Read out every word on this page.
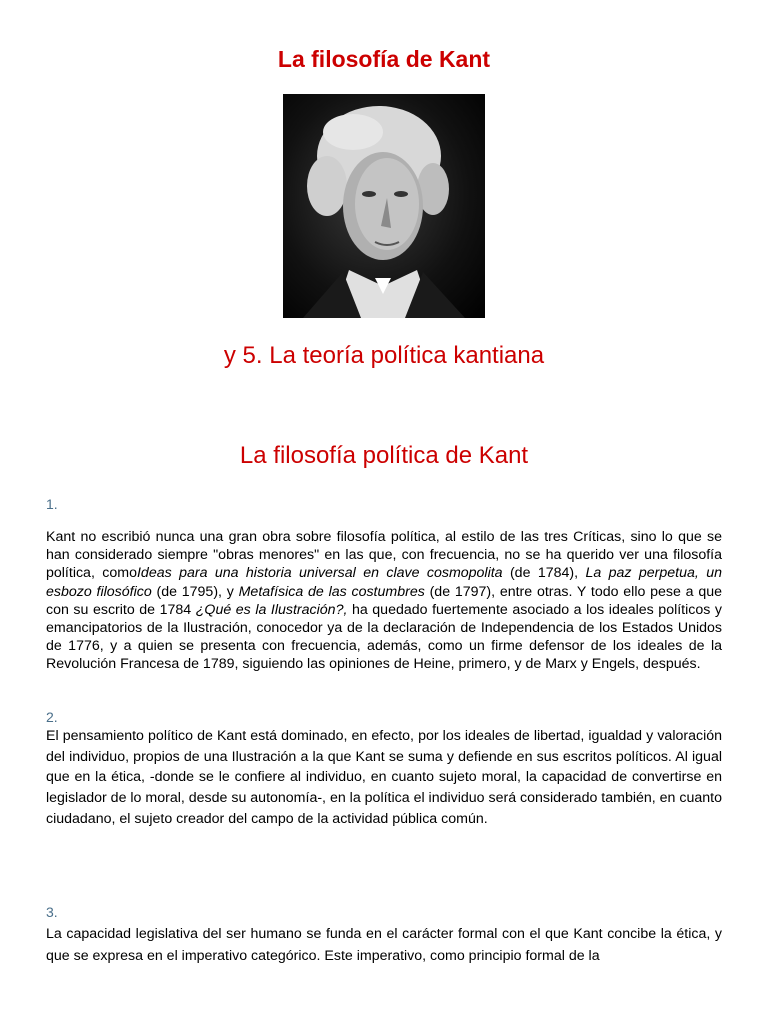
La filosofía de Kant
y 5. La teoría política kantiana
La filosofía política de Kant
1.

Kant no escribió nunca una gran obra sobre filosofía política, al estilo de las tres Críticas, sino lo que se han considerado siempre "obras menores" en las que, con frecuencia, no se ha querido ver una filosofía política, comoIdeas para una historia universal en clave cosmopolita (de 1784), La paz perpetua, un esbozo filosófico (de 1795), y Metafísica de las costumbres (de 1797), entre otras. Y todo ello pese a que con su escrito de 1784 ¿Qué es la Ilustración?, ha quedado fuertemente asociado a los ideales políticos y emancipatorios de la Ilustración, conocedor ya de la declaración de Independencia de los Estados Unidos de 1776, y a quien se presenta con frecuencia, además, como un firme defensor de los ideales de la Revolución Francesa de 1789, siguiendo las opiniones de Heine, primero, y de Marx y Engels, después.

2.

El pensamiento político de Kant está dominado, en efecto, por los ideales de libertad, igualdad y valoración del individuo, propios de una Ilustración a la que Kant se suma y defiende en sus escritos políticos. Al igual que en la ética, -donde se le confiere al individuo, en cuanto sujeto moral, la capacidad de convertirse en legislador de lo moral, desde su autonomía-, en la política el individuo será considerado también, en cuanto ciudadano, el sujeto creador del campo de la actividad pública común.

3.

La capacidad legislativa del ser humano se funda en el carácter formal con el que Kant concibe la ética, y que se expresa en el imperativo categórico. Este imperativo, como principio formal de la
